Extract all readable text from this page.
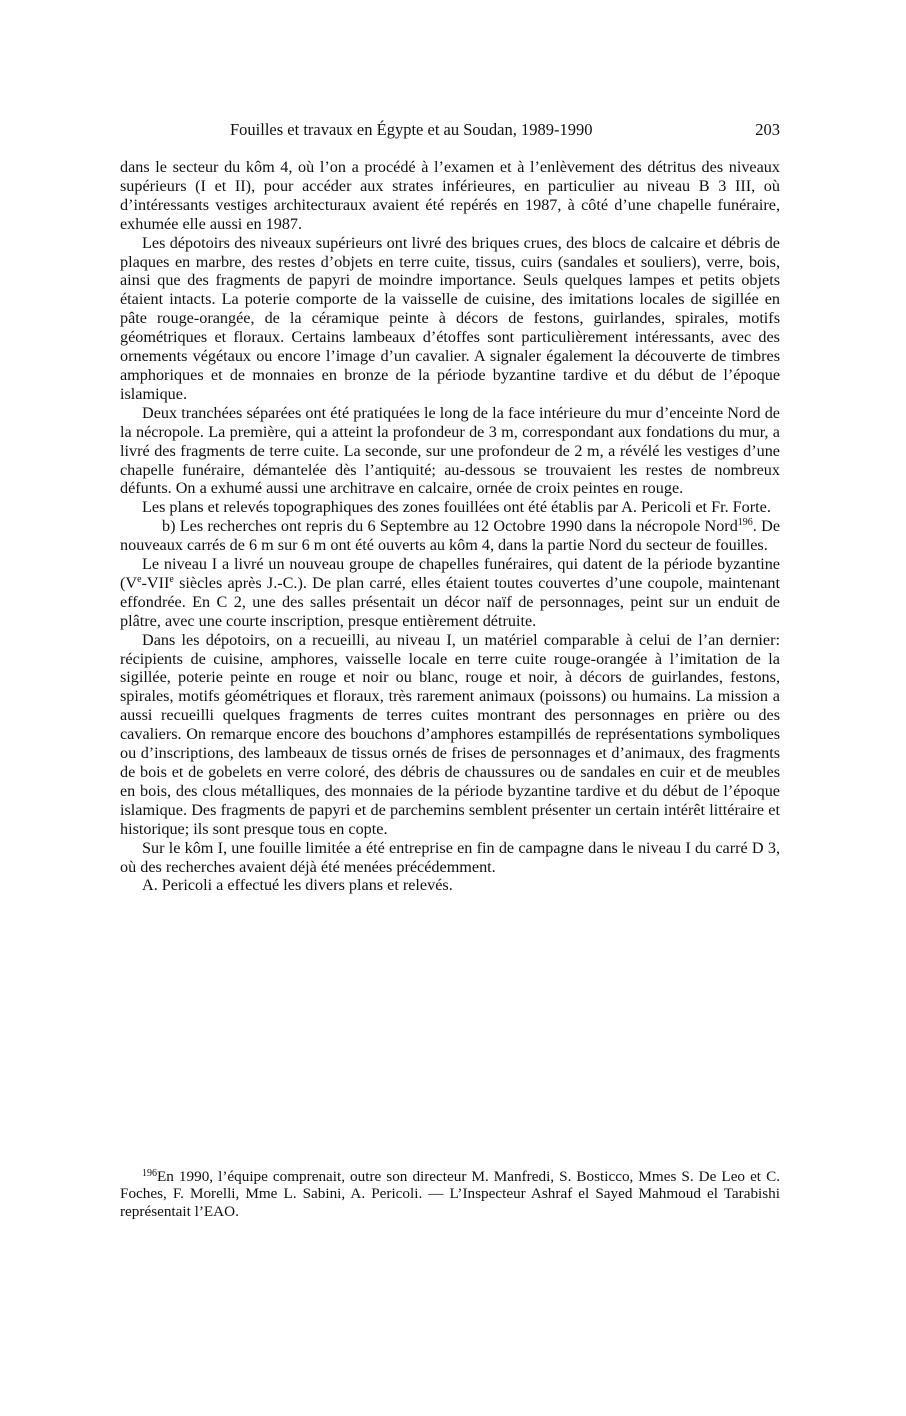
Fouilles et travaux en Égypte et au Soudan, 1989-1990	203

dans le secteur du kôm 4, où l’on a procédé à l’examen et à l’enlèvement des détritus des niveaux supérieurs (I et II), pour accéder aux strates inférieures, en particulier au niveau B 3 III, où d’intéressants vestiges architecturaux avaient été repérés en 1987, à côté d’une chapelle funéraire, exhumée elle aussi en 1987.

Les dépotoirs des niveaux supérieurs ont livré des briques crues, des blocs de calcaire et débris de plaques en marbre, des restes d’objets en terre cuite, tissus, cuirs (sandales et souliers), verre, bois, ainsi que des fragments de papyri de moindre importance. Seuls quelques lampes et petits objets étaient intacts. La poterie comporte de la vaisselle de cuisine, des imitations locales de sigillée en pâte rouge-orangée, de la céramique peinte à décors de festons, guirlandes, spirales, motifs géométriques et floraux. Certains lambeaux d’étoffes sont particulièrement intéressants, avec des ornements végétaux ou encore l’image d’un cavalier. A signaler également la découverte de timbres amphoriques et de monnaies en bronze de la période byzantine tardive et du début de l’époque islamique.

Deux tranchées séparées ont été pratiquées le long de la face intérieure du mur d’enceinte Nord de la nécropole. La première, qui a atteint la profondeur de 3 m, correspondant aux fondations du mur, a livré des fragments de terre cuite. La seconde, sur une profondeur de 2 m, a révélé les vestiges d’une chapelle funéraire, démantelée dès l’antiquité; au-dessous se trouvaient les restes de nombreux défunts. On a exhumé aussi une architrave en calcaire, ornée de croix peintes en rouge.

Les plans et relevés topographiques des zones fouillées ont été établis par A. Pericoli et Fr. Forte.

b) Les recherches ont repris du 6 Septembre au 12 Octobre 1990 dans la nécropole Nord$^{196}$. De nouveaux carrés de 6 m sur 6 m ont été ouverts au kôm 4, dans la partie Nord du secteur de fouilles.

Le niveau I a livré un nouveau groupe de chapelles funéraires, qui datent de la période byzantine (Ve-VIIe siècles après J.-C.). De plan carré, elles étaient toutes couvertes d’une coupole, maintenant effondrée. En C 2, une des salles présentait un décor naïf de personnages, peint sur un enduit de plâtre, avec une courte inscription, presque entièrement détruite.

Dans les dépotoirs, on a recueilli, au niveau I, un matériel comparable à celui de l’an dernier: récipients de cuisine, amphores, vaisselle locale en terre cuite rouge-orangée à l’imitation de la sigillée, poterie peinte en rouge et noir ou blanc, rouge et noir, à décors de guirlandes, festons, spirales, motifs géométriques et floraux, très rarement animaux (poissons) ou humains. La mission a aussi recueilli quelques fragments de terres cuites montrant des personnages en prière ou des cavaliers. On remarque encore des bouchons d’amphores estampillés de représentations symboliques ou d’inscriptions, des lambeaux de tissus ornés de frises de personnages et d’animaux, des fragments de bois et de gobelets en verre coloré, des débris de chaussures ou de sandales en cuir et de meubles en bois, des clous métalliques, des monnaies de la période byzantine tardive et du début de l’époque islamique. Des fragments de papyri et de parchemins semblent présenter un certain intérêt littéraire et historique; ils sont presque tous en copte.

Sur le kôm I, une fouille limitée a été entreprise en fin de campagne dans le niveau I du carré D 3, où des recherches avaient déjà été menées précédemment.

A. Pericoli a effectué les divers plans et relevés.

$^{196}$En 1990, l’équipe comprenait, outre son directeur M. Manfredi, S. Bosticco, Mmes S. De Leo et C. Foches, F. Morelli, Mme L. Sabini, A. Pericoli. — L’Inspecteur Ashraf el Sayed Mahmoud el Tarabishi représentait l’EAO.
